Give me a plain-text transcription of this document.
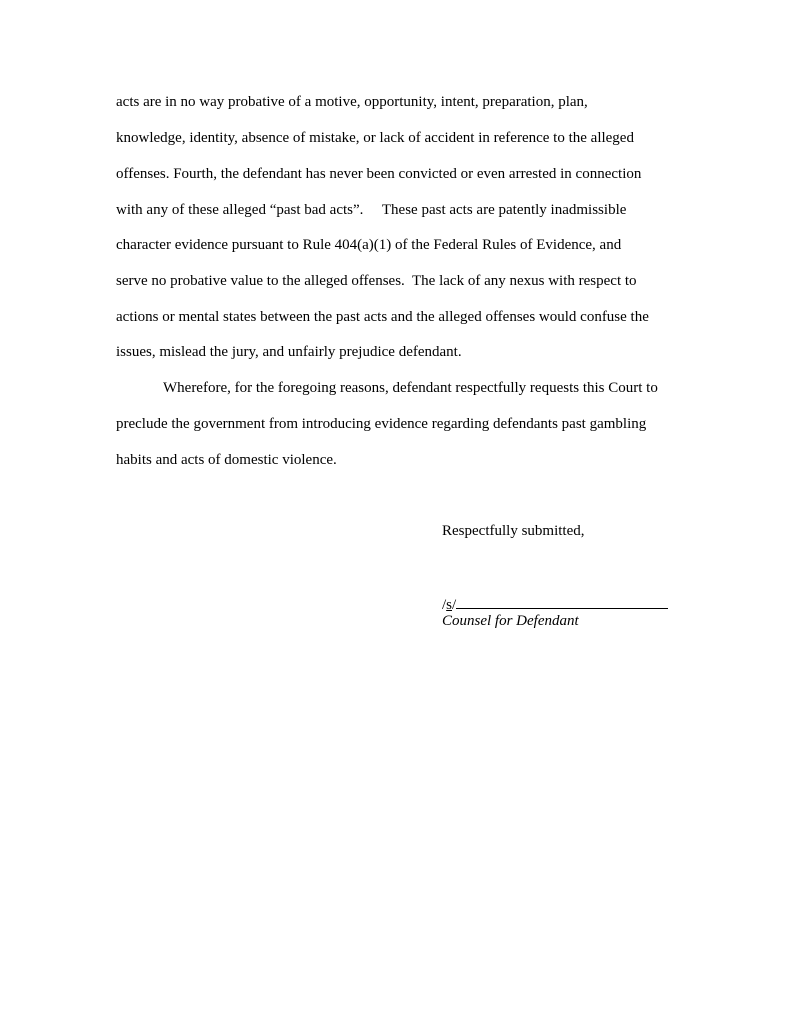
acts are in no way probative of a motive, opportunity, intent, preparation, plan,
knowledge, identity, absence of mistake, or lack of accident in reference to the alleged
offenses. Fourth, the defendant has never been convicted or even arrested in connection
with any of these alleged “past bad acts”.     These past acts are patently inadmissible
character evidence pursuant to Rule 404(a)(1) of the Federal Rules of Evidence, and
serve no probative value to the alleged offenses.  The lack of any nexus with respect to
actions or mental states between the past acts and the alleged offenses would confuse the
issues, mislead the jury, and unfairly prejudice defendant.
Wherefore, for the foregoing reasons, defendant respectfully requests this Court to
preclude the government from introducing evidence regarding defendants past gambling
habits and acts of domestic violence.
Respectfully submitted,
/s/
Counsel for Defendant
